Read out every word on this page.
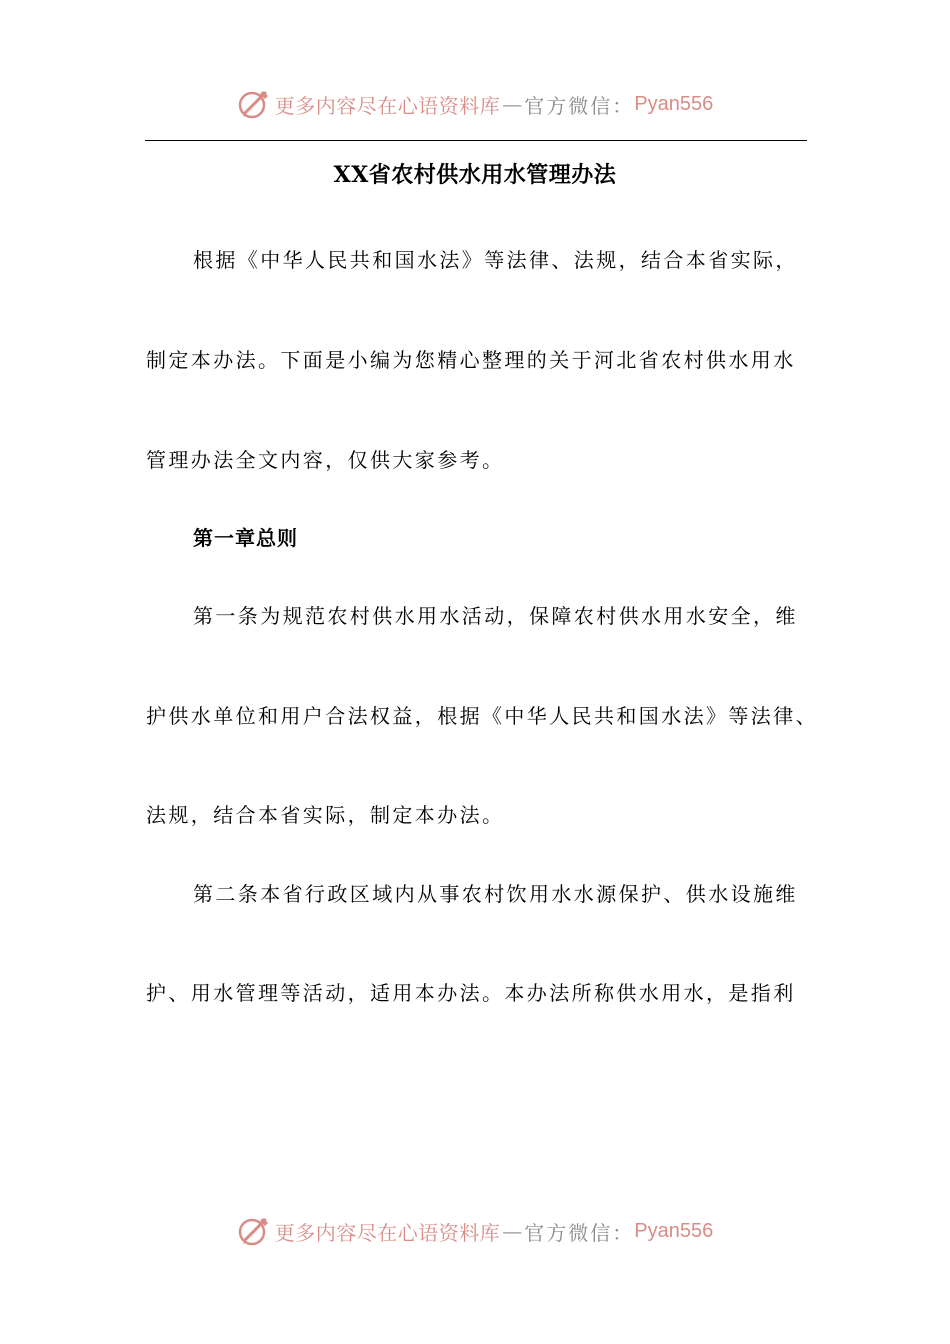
更多内容尽在心语资料库 — 官方微信： Pyan556
XX省农村供水用水管理办法
根据《中华人民共和国水法》等法律、法规，结合本省实际，
制定本办法。下面是小编为您精心整理的关于河北省农村供水用水
管理办法全文内容，仅供大家参考。
第一章总则
第一条为规范农村供水用水活动，保障农村供水用水安全，维
护供水单位和用户合法权益，根据《中华人民共和国水法》等法律、
法规，结合本省实际，制定本办法。
第二条本省行政区域内从事农村饮用水水源保护、供水设施维
护、用水管理等活动，适用本办法。本办法所称供水用水，是指利
更多内容尽在心语资料库 — 官方微信： Pyan556
